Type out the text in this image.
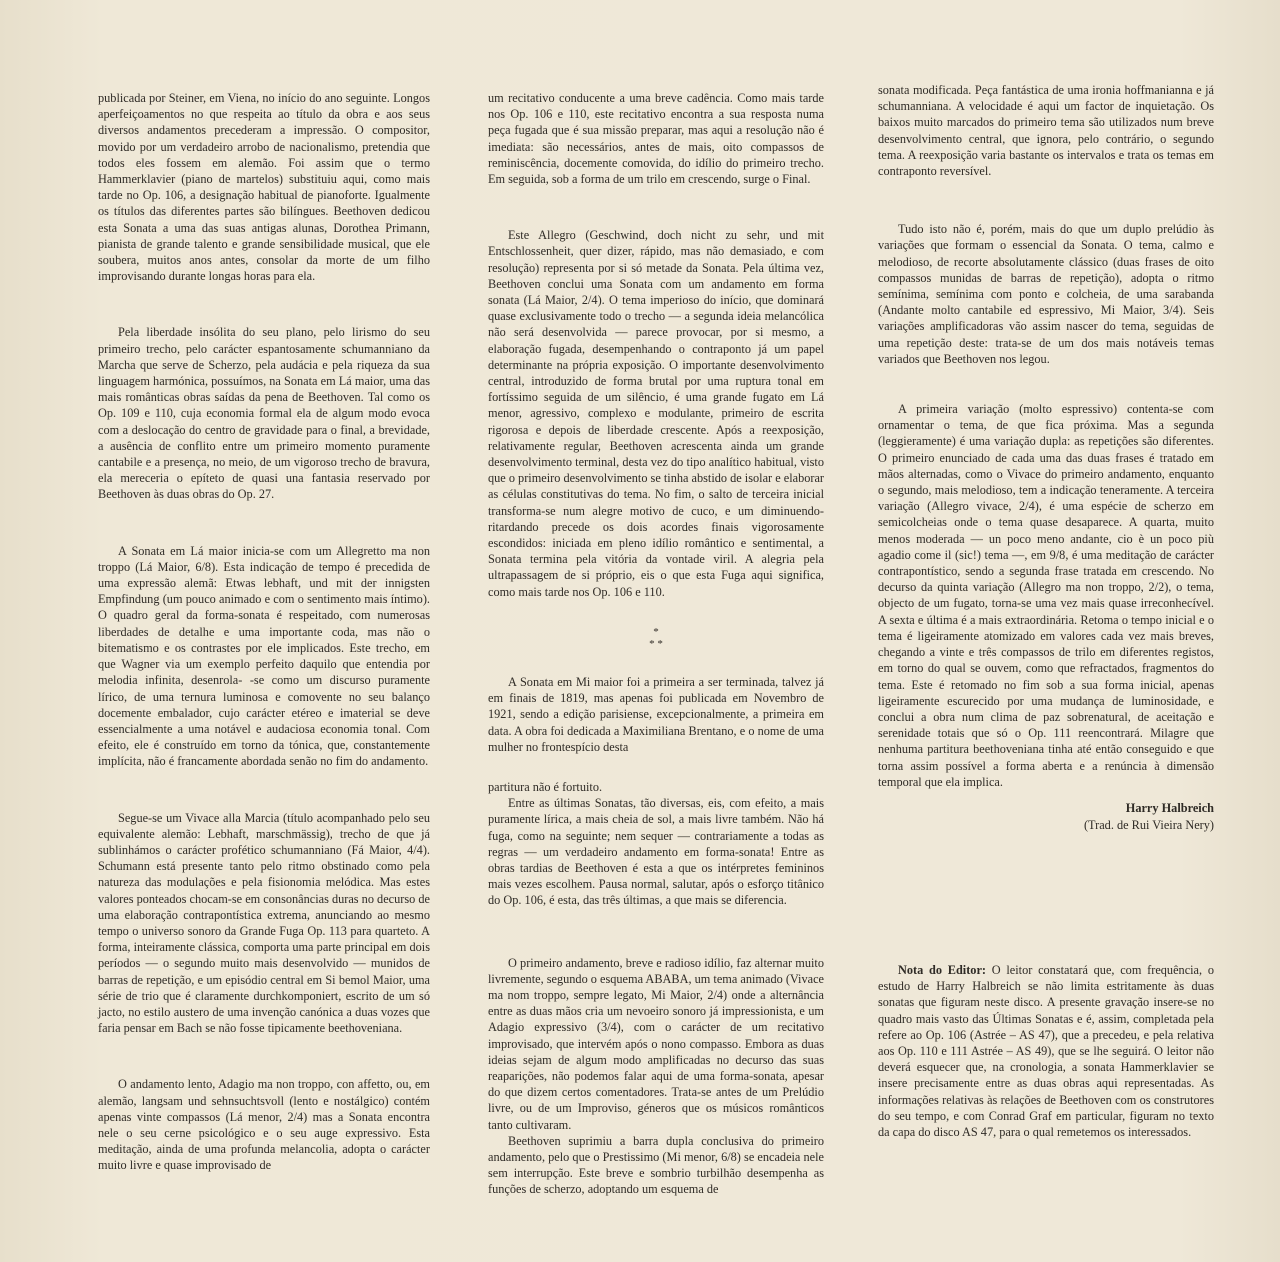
publicada por Steiner, em Viena, no início do ano seguinte. Longos aperfeiçoamentos no que respeita ao título da obra e aos seus diversos andamentos precederam a impressão. O compositor, movido por um verdadeiro arrobo de nacionalismo, pretendia que todos eles fossem em alemão. Foi assim que o termo Hammerklavier (piano de martelos) substituiu aqui, como mais tarde no Op. 106, a designação habitual de pianoforte. Igualmente os títulos das diferentes partes são bilíngues. Beethoven dedicou esta Sonata a uma das suas antigas alunas, Dorothea Primann, pianista de grande talento e grande sensibilidade musical, que ele soubera, muitos anos antes, consolar da morte de um filho improvisando durante longas horas para ela.

Pela liberdade insólita do seu plano, pelo lirismo do seu primeiro trecho, pelo carácter espantosamente schumanniano da Marcha que serve de Scherzo, pela audácia e pela riqueza da sua linguagem harmónica, possuímos, na Sonata em Lá maior, uma das mais românticas obras saídas da pena de Beethoven. Tal como os Op. 109 e 110, cuja economia formal ela de algum modo evoca com a deslocação do centro de gravidade para o final, a brevidade, a ausência de conflito entre um primeiro momento puramente cantabile e a presença, no meio, de um vigoroso trecho de bravura, ela mereceria o epíteto de quasi una fantasia reservado por Beethoven às duas obras do Op. 27.

A Sonata em Lá maior inicia-se com um Allegretto ma non troppo (Lá Maior, 6/8). Esta indicação de tempo é precedida de uma expressão alemã: Etwas lebhaft, und mit der innigsten Empfindung (um pouco animado e com o sentimento mais íntimo). O quadro geral da forma-sonata é respeitado, com numerosas liberdades de detalhe e uma importante coda, mas não o bitematismo e os contrastes por ele implicados. Este trecho, em que Wagner via um exemplo perfeito daquilo que entendia por melodia infinita, desenrola- -se como um discurso puramente lírico, de uma ternura luminosa e comovente no seu balanço docemente embalador, cujo carácter etéreo e imaterial se deve essencialmente a uma notável e audaciosa economia tonal. Com efeito, ele é construído em torno da tónica, que, constantemente implícita, não é francamente abordada senão no fim do andamento.

Segue-se um Vivace alla Marcia (título acompanhado pelo seu equivalente alemão: Lebhaft, marschmässig), trecho de que já sublinhámos o carácter profético schumanniano (Fá Maior, 4/4). Schumann está presente tanto pelo ritmo obstinado como pela natureza das modulações e pela fisionomia melódica. Mas estes valores ponteados chocam-se em consonâncias duras no decurso de uma elaboração contrapontística extrema, anunciando ao mesmo tempo o universo sonoro da Grande Fuga Op. 113 para quarteto. A forma, inteiramente clássica, comporta uma parte principal em dois períodos — o segundo muito mais desenvolvido — munidos de barras de repetição, e um episódio central em Si bemol Maior, uma série de trio que é claramente durchkomponiert, escrito de um só jacto, no estilo austero de uma invenção canónica a duas vozes que faria pensar em Bach se não fosse tipicamente beethoveniana.

O andamento lento, Adagio ma non troppo, con affetto, ou, em alemão, langsam und sehnsuchtsvoll (lento e nostálgico) contém apenas vinte compassos (Lá menor, 2/4) mas a Sonata encontra nele o seu cerne psicológico e o seu auge expressivo. Esta meditação, ainda de uma profunda melancolia, adopta o carácter muito livre e quase improvisado de

um recitativo conducente a uma breve cadência. Como mais tarde nos Op. 106 e 110, este recitativo encontra a sua resposta numa peça fugada que é sua missão preparar, mas aqui a resolução não é imediata: são necessários, antes de mais, oito compassos de reminiscência, docemente comovida, do idílio do primeiro trecho. Em seguida, sob a forma de um trilo em crescendo, surge o Final.

Este Allegro (Geschwind, doch nicht zu sehr, und mit Entschlossenheit, quer dizer, rápido, mas não demasiado, e com resolução) representa por si só metade da Sonata. Pela última vez, Beethoven conclui uma Sonata com um andamento em forma sonata (Lá Maior, 2/4). O tema imperioso do início, que dominará quase exclusivamente todo o trecho — a segunda ideia melancólica não será desenvolvida — parece provocar, por si mesmo, a elaboração fugada, desempenhando o contraponto já um papel determinante na própria exposição. O importante desenvolvimento central, introduzido de forma brutal por uma ruptura tonal em fortíssimo seguida de um silêncio, é uma grande fugato em Lá menor, agressivo, complexo e modulante, primeiro de escrita rigorosa e depois de liberdade crescente. Após a reexposição, relativamente regular, Beethoven acrescenta ainda um grande desenvolvimento terminal, desta vez do tipo analítico habitual, visto que o primeiro desenvolvimento se tinha abstido de isolar e elaborar as células constitutivas do tema. No fim, o salto de terceira inicial transforma-se num alegre motivo de cuco, e um diminuendo-ritardando precede os dois acordes finais vigorosamente escondidos: iniciada em pleno idílio romântico e sentimental, a Sonata termina pela vitória da vontade viril. A alegria pela ultrapassagem de si próprio, eis o que esta Fuga aqui significa, como mais tarde nos Op. 106 e 110.

*
* *

A Sonata em Mi maior foi a primeira a ser terminada, talvez já em finais de 1819, mas apenas foi publicada em Novembro de 1921, sendo a edição parisiense, excepcionalmente, a primeira em data. A obra foi dedicada a Maximiliana Brentano, e o nome de uma mulher no frontespício desta

partitura não é fortuito.

Entre as últimas Sonatas, tão diversas, eis, com efeito, a mais puramente lírica, a mais cheia de sol, a mais livre também. Não há fuga, como na seguinte; nem sequer — contrariamente a todas as regras — um verdadeiro andamento em forma-sonata! Entre as obras tardias de Beethoven é esta a que os intérpretes femininos mais vezes escolhem. Pausa normal, salutar, após o esforço titânico do Op. 106, é esta, das três últimas, a que mais se diferencia.

O primeiro andamento, breve e radioso idílio, faz alternar muito livremente, segundo o esquema ABABA, um tema animado (Vivace ma nom troppo, sempre legato, Mi Maior, 2/4) onde a alternância entre as duas mãos cria um nevoeiro sonoro já impressionista, e um Adagio expressivo (3/4), com o carácter de um recitativo improvisado, que intervém após o nono compasso. Embora as duas ideias sejam de algum modo amplificadas no decurso das suas reaparições, não podemos falar aqui de uma forma-sonata, apesar do que dizem certos comentadores. Trata-se antes de um Prelúdio livre, ou de um Improviso, géneros que os músicos românticos tanto cultivaram.

Beethoven suprimiu a barra dupla conclusiva do primeiro andamento, pelo que o Prestissimo (Mi menor, 6/8) se encadeia nele sem interrupção. Este breve e sombrio turbilhão desempenha as funções de scherzo, adoptando um esquema de

sonata modificada. Peça fantástica de uma ironia hoffmanianna e já schumanniana. A velocidade é aqui um factor de inquietação. Os baixos muito marcados do primeiro tema são utilizados num breve desenvolvimento central, que ignora, pelo contrário, o segundo tema. A reexposição varia bastante os intervalos e trata os temas em contraponto reversível.

Tudo isto não é, porém, mais do que um duplo prelúdio às variações que formam o essencial da Sonata. O tema, calmo e melodioso, de recorte absolutamente clássico (duas frases de oito compassos munidas de barras de repetição), adopta o ritmo semínima, semínima com ponto e colcheia, de uma sarabanda (Andante molto cantabile ed espressivo, Mi Maior, 3/4). Seis variações amplificadoras vão assim nascer do tema, seguidas de uma repetição deste: trata-se de um dos mais notáveis temas variados que Beethoven nos legou.

A primeira variação (molto espressivo) contenta-se com ornamentar o tema, de que fica próxima. Mas a segunda (leggieramente) é uma variação dupla: as repetições são diferentes. O primeiro enunciado de cada uma das duas frases é tratado em mãos alternadas, como o Vivace do primeiro andamento, enquanto o segundo, mais melodioso, tem a indicação teneramente. A terceira variação (Allegro vivace, 2/4), é uma espécie de scherzo em semicolcheias onde o tema quase desaparece. A quarta, muito menos moderada — un poco meno andante, cio è un poco più agadio come il (sic!) tema —, em 9/8, é uma meditação de carácter contrapontístico, sendo a segunda frase tratada em crescendo. No decurso da quinta variação (Allegro ma non troppo, 2/2), o tema, objecto de um fugato, torna-se uma vez mais quase irreconhecível. A sexta e última é a mais extraordinária. Retoma o tempo inicial e o tema é ligeiramente atomizado em valores cada vez mais breves, chegando a vinte e três compassos de trilo em diferentes registos, em torno do qual se ouvem, como que refractados, fragmentos do tema. Este é retomado no fim sob a sua forma inicial, apenas ligeiramente escurecido por uma mudança de luminosidade, e conclui a obra num clima de paz sobrenatural, de aceitação e serenidade totais que só o Op. 111 reencontrará. Milagre que nenhuma partitura beethoveniana tinha até então conseguido e que torna assim possível a forma aberta e a renúncia à dimensão temporal que ela implica.

Harry Halbreich
(Trad. de Rui Vieira Nery)

Nota do Editor: O leitor constatará que, com frequência, o estudo de Harry Halbreich se não limita estritamente às duas sonatas que figuram neste disco. A presente gravação insere-se no quadro mais vasto das Últimas Sonatas e é, assim, completada pela refere ao Op. 106 (Astrée – AS 47), que a precedeu, e pela relativa aos Op. 110 e 111 Astrée – AS 49), que se lhe seguirá. O leitor não deverá esquecer que, na cronologia, a sonata Hammerklavier se insere precisamente entre as duas obras aqui representadas. As informações relativas às relações de Beethoven com os construtores do seu tempo, e com Conrad Graf em particular, figuram no texto da capa do disco AS 47, para o qual remetemos os interessados.
